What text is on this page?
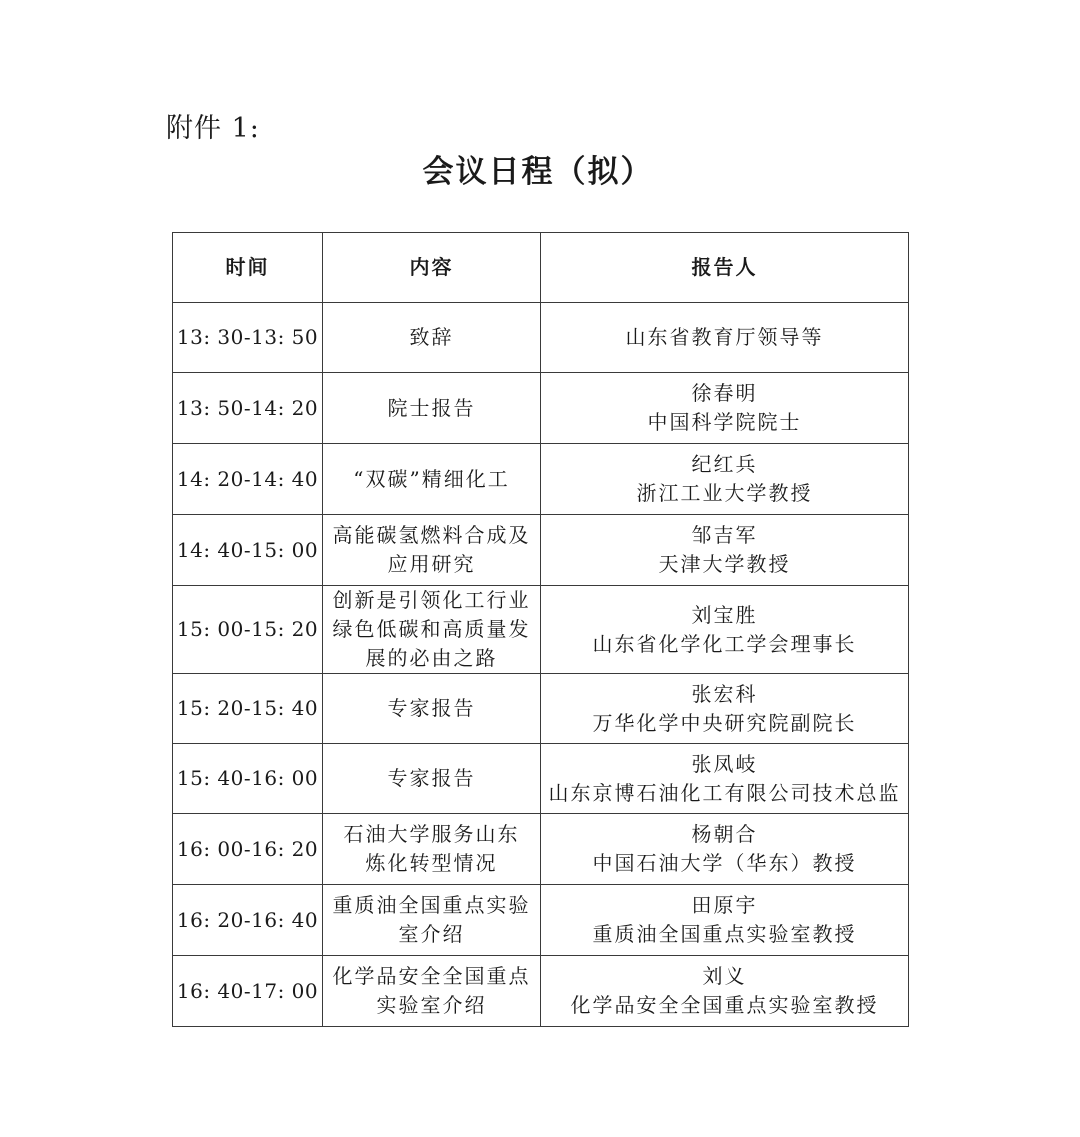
附件 1:
会议日程（拟）
时间	内容	报告人
13: 30-13: 50	致辞	山东省教育厅领导等

13: 50-14: 20	院士报告	徐春明
中国科学院院士

14: 20-14: 40	“双碳”精细化工	纪红兵
浙江工业大学教授

14: 40-15: 00	高能碳氢燃料合成及
应用研究	邹吉军
天津大学教授

15: 00-15: 20	创新是引领化工行业
绿色低碳和高质量发
展的必由之路	刘宝胜
山东省化学化工学会理事长

15: 20-15: 40	专家报告	张宏科
万华化学中央研究院副院长

15: 40-16: 00	专家报告	张凤岐
山东京博石油化工有限公司技术总监

16: 00-16: 20	石油大学服务山东
炼化转型情况	杨朝合
中国石油大学（华东）教授

16: 20-16: 40	重质油全国重点实验
室介绍	田原宇
重质油全国重点实验室教授

16: 40-17: 00	化学品安全全国重点
实验室介绍	刘义
化学品安全全国重点实验室教授
